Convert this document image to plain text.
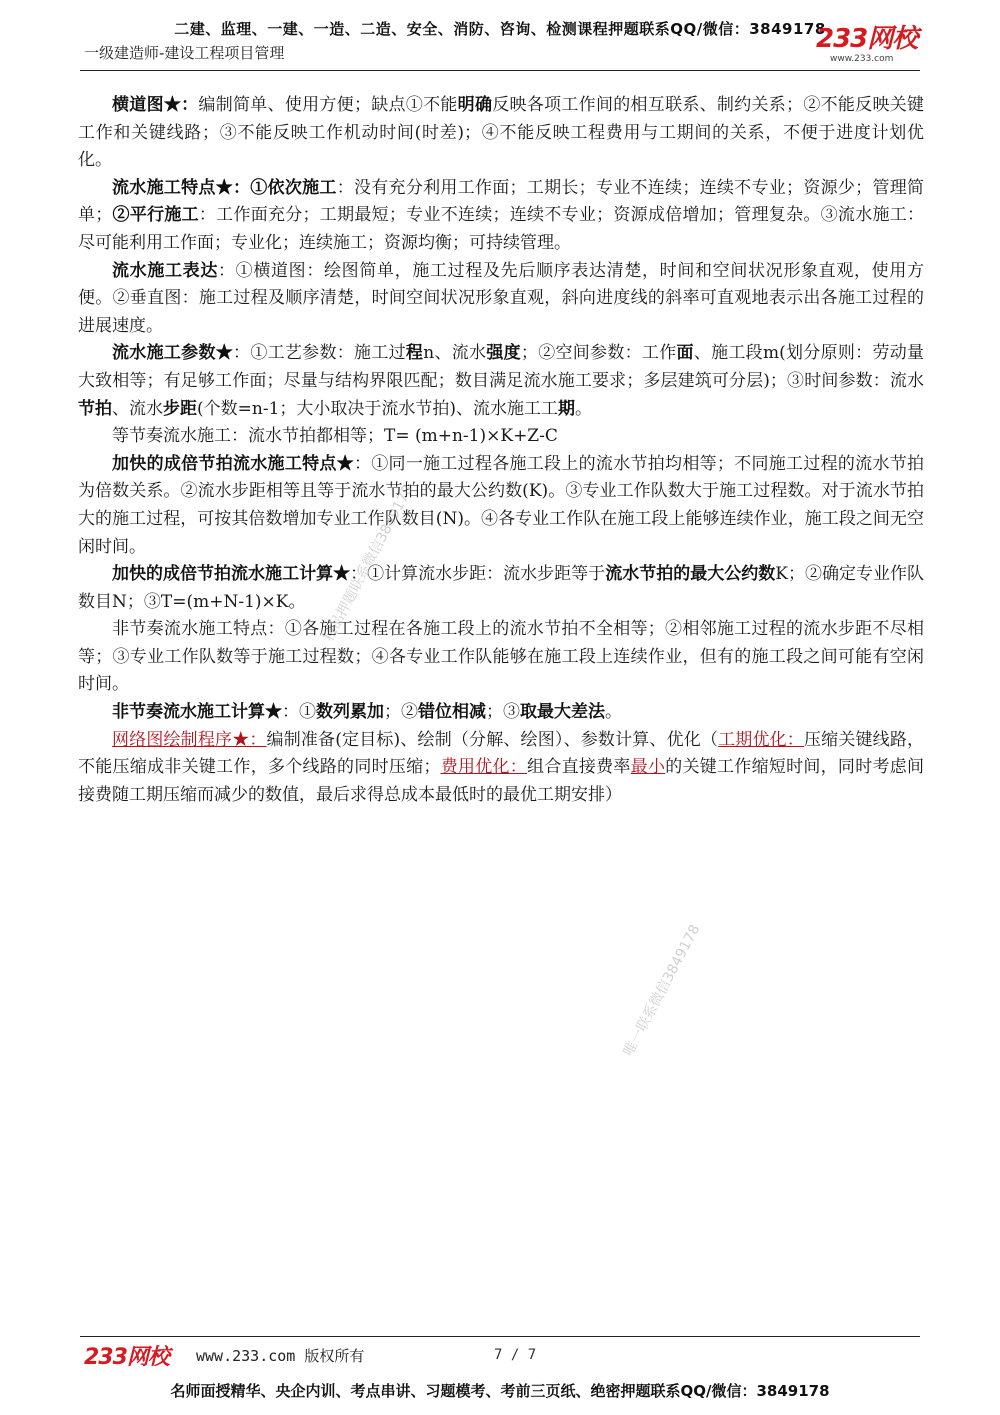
二建、监理、一建、一造、二造、安全、消防、咨询、检测课程押题联系QQ/微信：3849178
一级建造师-建设工程项目管理	233网校
www.233.com

横道图★：编制简单、使用方便；缺点①不能明确反映各项工作间的相互联系、制约关系；②不能反映关键工作和关键线路；③不能反映工作机动时间(时差)；④不能反映工程费用与工期间的关系，不便于进度计划优化。

流水施工特点★：①依次施工：没有充分利用工作面；工期长；专业不连续；连续不专业；资源少；管理简单；②平行施工：工作面充分；工期最短；专业不连续；连续不专业；资源成倍增加；管理复杂。③流水施工：尽可能利用工作面；专业化；连续施工；资源均衡；可持续管理。

流水施工表达：①横道图：绘图简单，施工过程及先后顺序表达清楚，时间和空间状况形象直观，使用方便。②垂直图：施工过程及顺序清楚，时间空间状况形象直观，斜向进度线的斜率可直观地表示出各施工过程的进展速度。

流水施工参数★：①工艺参数：施工过程n、流水强度；②空间参数：工作面、施工段m(划分原则：劳动量大致相等；有足够工作面；尽量与结构界限匹配；数目满足流水施工要求；多层建筑可分层)；③时间参数：流水节拍、流水步距(个数=n-1；大小取决于流水节拍)、流水施工工期。

等节奏流水施工：流水节拍都相等；T= (m+n-1)×K+Z-C

加快的成倍节拍流水施工特点★：①同一施工过程各施工段上的流水节拍均相等；不同施工过程的流水节拍为倍数关系。②流水步距相等且等于流水节拍的最大公约数(K)。③专业工作队数大于施工过程数。对于流水节拍大的施工过程，可按其倍数增加专业工作队数目(N)。④各专业工作队在施工段上能够连续作业，施工段之间无空闲时间。

加快的成倍节拍流水施工计算★：①计算流水步距：流水步距等于流水节拍的最大公约数K；②确定专业作队数目N；③T=(m+N-1)×K。

非节奏流水施工特点：①各施工过程在各施工段上的流水节拍不全相等；②相邻施工过程的流水步距不尽相等；③专业工作队数等于施工过程数；④各专业工作队能够在施工段上连续作业，但有的施工段之间可能有空闲时间。

非节奏流水施工计算★：①数列累加；②错位相减；③取最大差法。

网络图绘制程序★：编制准备(定目标)、绘制（分解、绘图）、参数计算、优化（工期优化：压缩关键线路，不能压缩成非关键工作，多个线路的同时压缩；费用优化：组合直接费率最小的关键工作缩短时间，同时考虑间接费随工期压缩而减少的数值，最后求得总成本最低时的最优工期安排）

精品押题联系微信3849178
唯一联系微信3849178
233网校 www.233.com 版权所有	7 / 7
名师面授精华、央企内训、考点串讲、习题模考、考前三页纸、绝密押题联系QQ/微信：3849178
